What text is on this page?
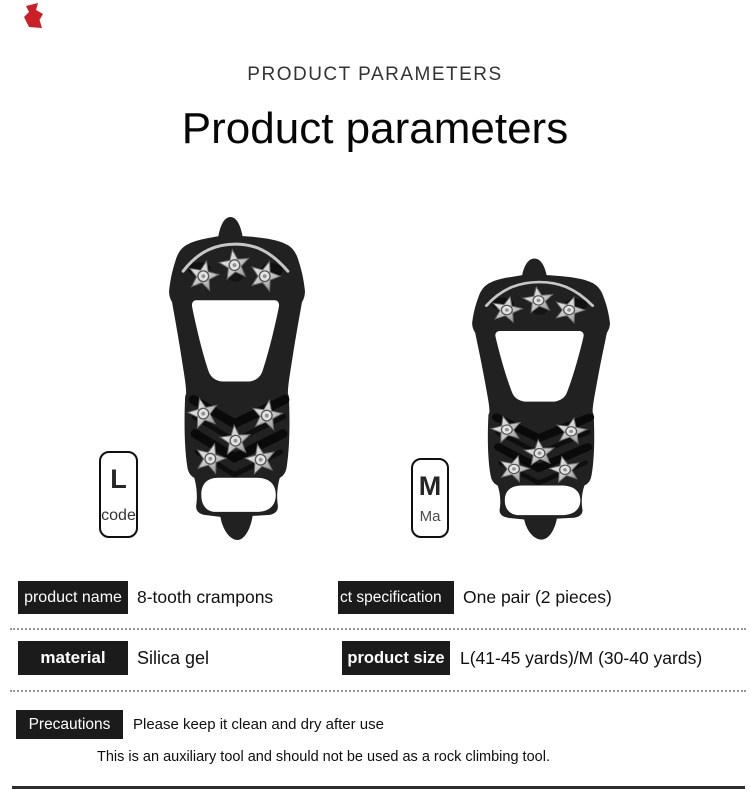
PRODUCT PARAMETERS
Product parameters
L
code
M
Ma
product name 8-tooth crampons	ct specification	One pair (2 pieces)
material	Silica gel	product size L(41-45 yards)/M (30-40 yards)
Precautions	Please keep it clean and dry after use
This is an auxiliary tool and should not be used as a rock climbing tool.
